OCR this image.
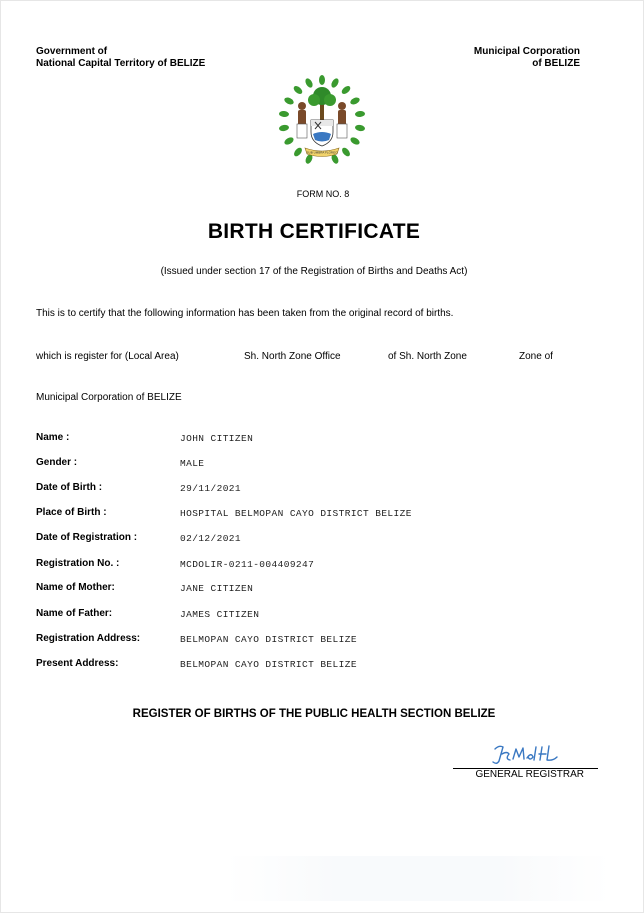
Government of
National Capital Territory of BELIZE
Municipal Corporation
of BELIZE
SUB UMBRA FLOREO
FORM NO. 8
BIRTH CERTIFICATE
(Issued under section 17 of the Registration of Births and Deaths Act)
This is to certify that the following information has been taken from the original record of births.
which is register for (Local Area)	Sh. North Zone Office	of Sh. North Zone	Zone of
Municipal Corporation of BELIZE
Name :	JOHN CITIZEN
Gender :	MALE
Date of Birth :	29/11/2021
Place of Birth :	HOSPITAL BELMOPAN CAYO DISTRICT BELIZE
Date of Registration :	02/12/2021
Registration No. :	MCDOLIR-0211-004409247
Name of Mother:	JANE CITIZEN
Name of Father:	JAMES CITIZEN
Registration Address:	BELMOPAN CAYO DISTRICT BELIZE
Present Address:	BELMOPAN CAYO DISTRICT BELIZE
REGISTER OF BIRTHS OF THE PUBLIC HEALTH SECTION BELIZE
GENERAL REGISTRAR
